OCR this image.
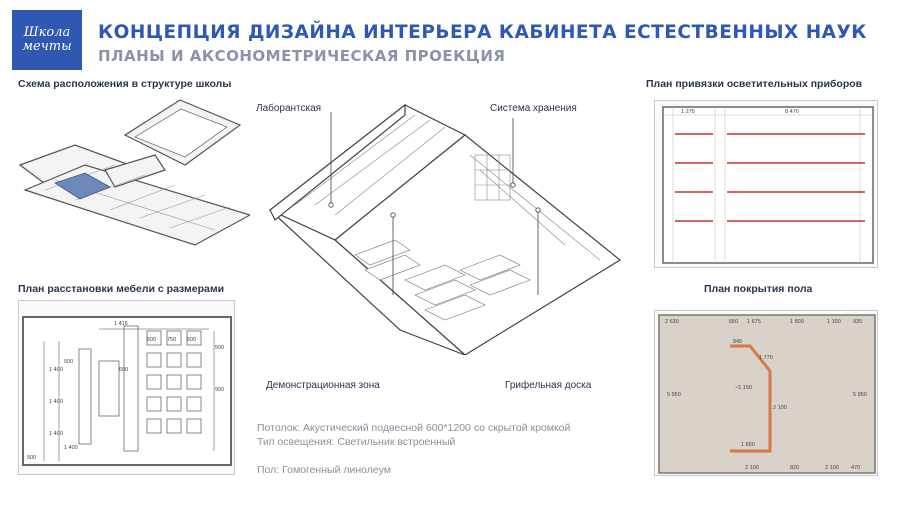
Школа
мечты
КОНЦЕПЦИЯ ДИЗАЙНА ИНТЕРЬЕРА КАБИНЕТА ЕСТЕСТВЕННЫХ НАУК
ПЛАНЫ И АКСОНОМЕТРИЧЕСКАЯ ПРОЕКЦИЯ
Схема расположения в структуре школы
План расстановки мебели с размерами
План привязки осветительных приборов
План покрытия пола
1 415
500 750 500
500
600
500
1 400
1 400
1 400
1 400
900
500
Лаборантская	Система хранения
Демонстрационная зона	Грифельная доска
Потолок: Акустический подвесной 600*1200 со скрытой кромкой
Тип освещения: Светильник встроенный
Пол: Гомогенный линолеум
1 275	8 470
2 630	650 1 675	1 800	1 100 935
2 100	820	2 100 470
5 950	5 950
845
1 770
~1 150
2 100
1 650
